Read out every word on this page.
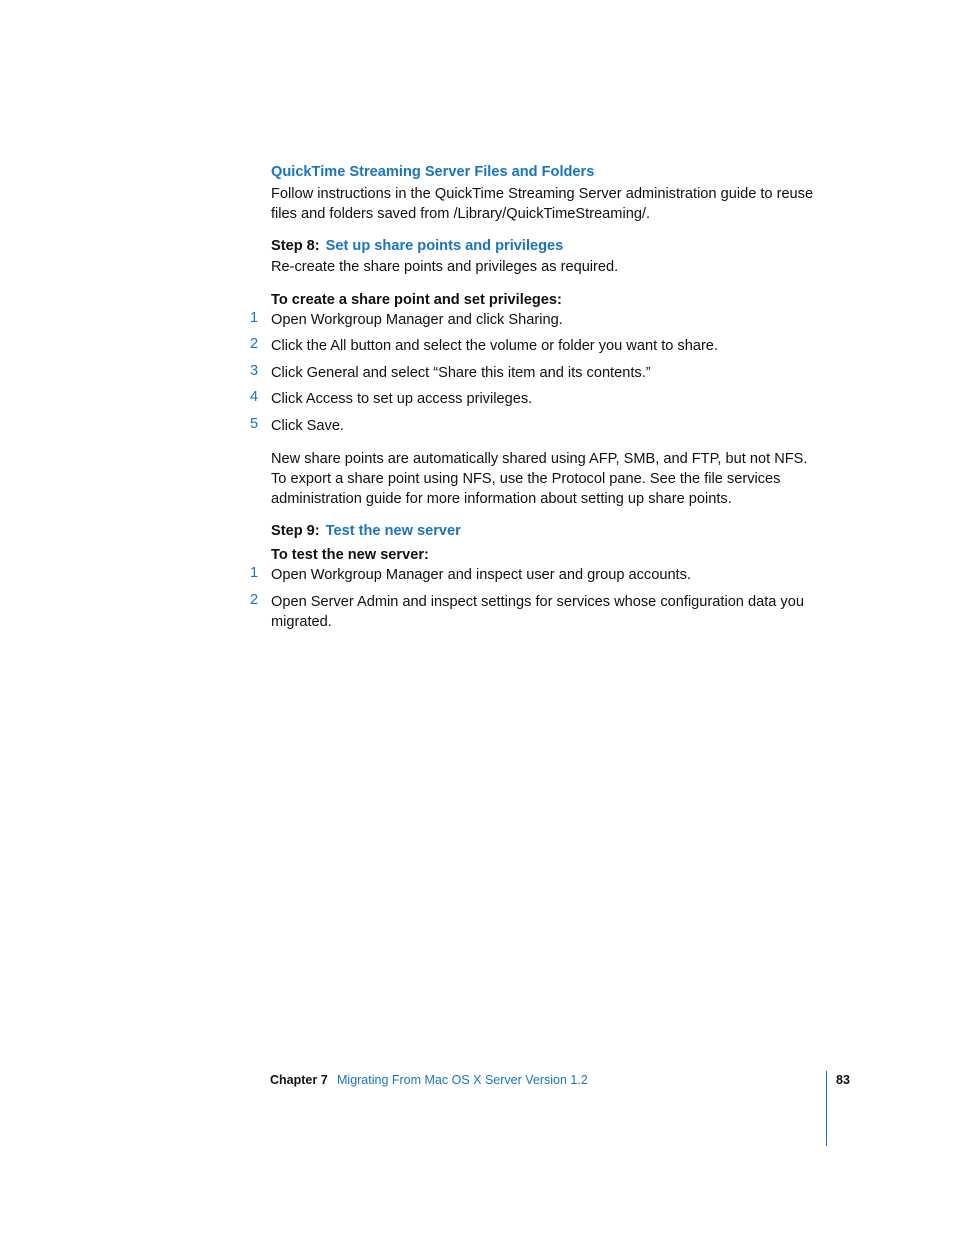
QuickTime Streaming Server Files and Folders
Follow instructions in the QuickTime Streaming Server administration guide to reuse files and folders saved from /Library/QuickTimeStreaming/.
Step 8: Set up share points and privileges
Re-create the share points and privileges as required.
To create a share point and set privileges:
1 Open Workgroup Manager and click Sharing.
2 Click the All button and select the volume or folder you want to share.
3 Click General and select “Share this item and its contents.”
4 Click Access to set up access privileges.
5 Click Save.
New share points are automatically shared using AFP, SMB, and FTP, but not NFS. To export a share point using NFS, use the Protocol pane. See the file services administration guide for more information about setting up share points.
Step 9: Test the new server
To test the new server:
1 Open Workgroup Manager and inspect user and group accounts.
2 Open Server Admin and inspect settings for services whose configuration data you migrated.
Chapter 7 Migrating From Mac OS X Server Version 1.2	83
